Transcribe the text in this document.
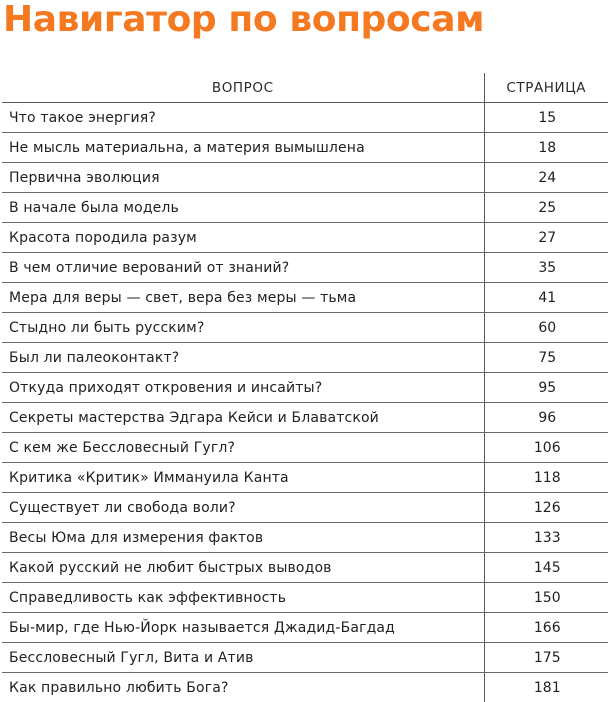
Навигатор по вопросам
ВОПРОС	СТРАНИЦА
Что такое энергия?	15
Не мысль материальна, а материя вымышлена	18
Первична эволюция	24
В начале была модель	25
Красота породила разум	27
В чем отличие верований от знаний?	35
Мера для веры — свет, вера без меры — тьма	41
Стыдно ли быть русским?	60
Был ли палеоконтакт?	75
Откуда приходят откровения и инсайты?	95
Секреты мастерства Эдгара Кейси и Блаватской	96
С кем же Бессловесный Гугл?	106
Критика «Критик» Иммануила Канта	118
Существует ли свобода воли?	126
Весы Юма для измерения фактов	133
Какой русский не любит быстрых выводов	145
Справедливость как эффективность	150
Бы-мир, где Нью-Йорк называется Джадид-Багдад	166
Бессловесный Гугл, Вита и Атив	175
Как правильно любить Бога?	181
